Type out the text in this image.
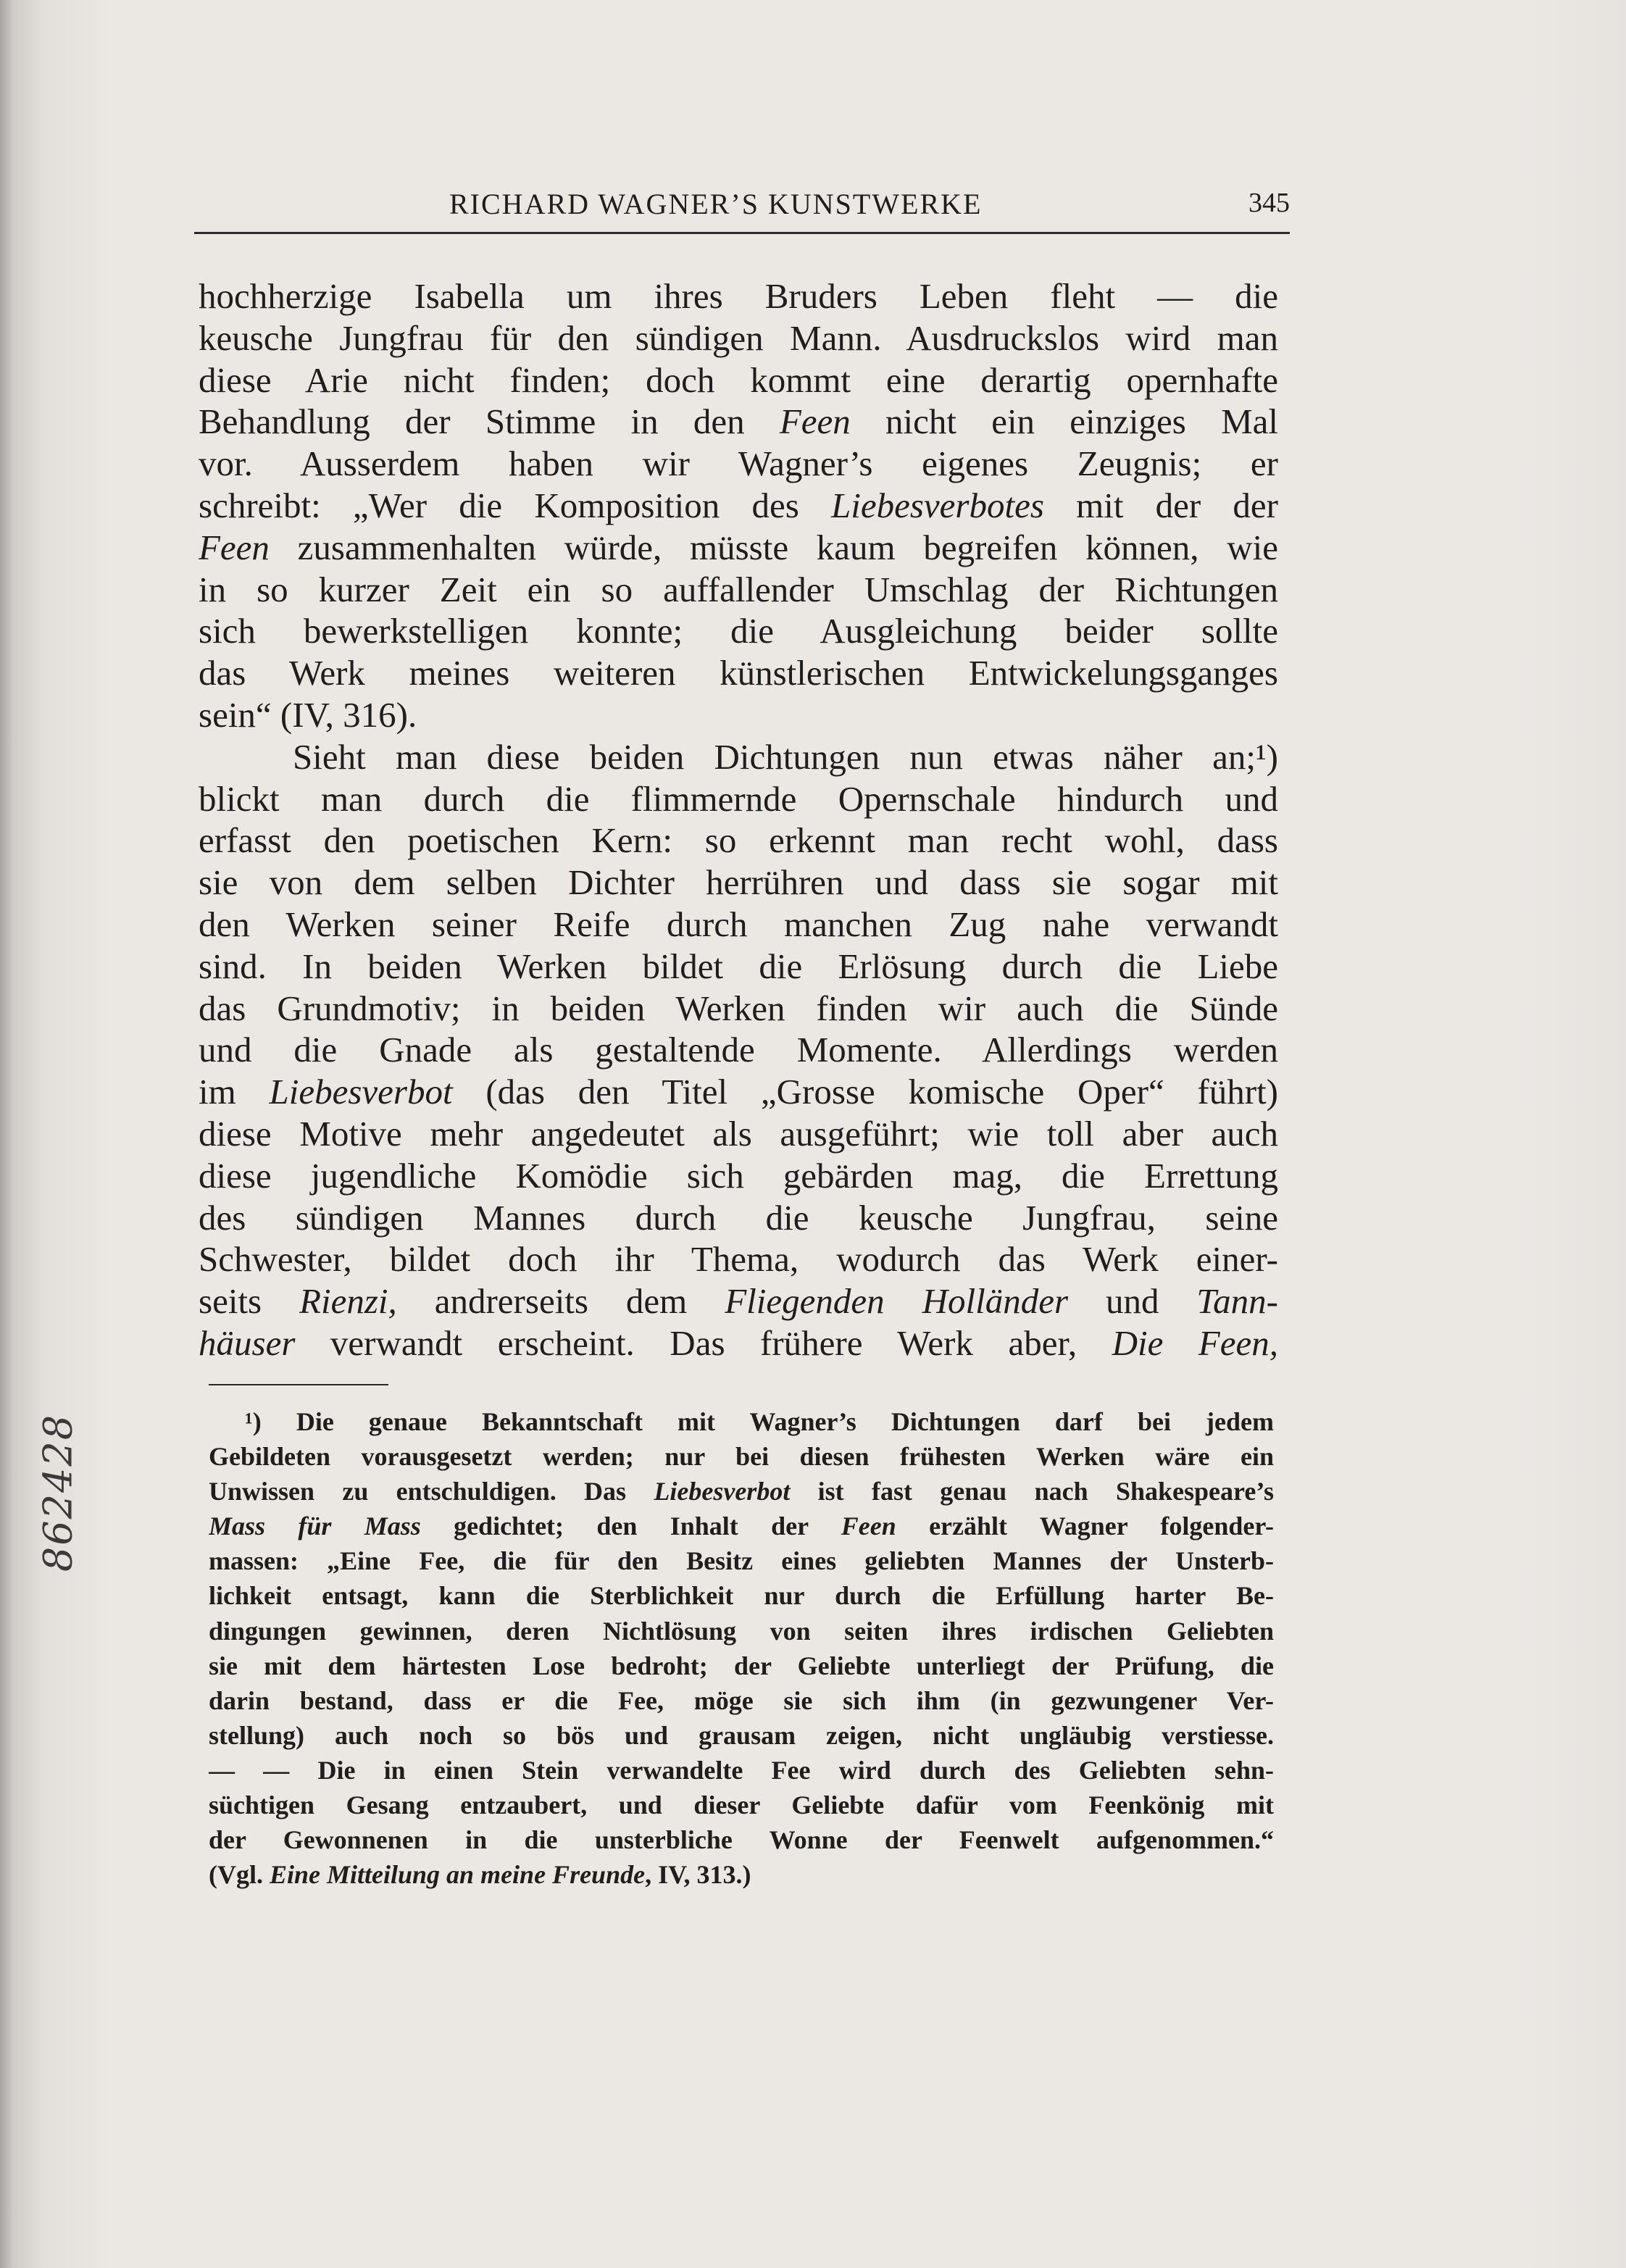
RICHARD WAGNER’S KUNSTWERKE	345
hochherzige Isabella um ihres Bruders Leben fleht — die
keusche Jungfrau für den sündigen Mann. Ausdruckslos wird man
diese Arie nicht finden; doch kommt eine derartig opernhafte
Behandlung der Stimme in den Feen nicht ein einziges Mal
vor. Ausserdem haben wir Wagner’s eigenes Zeugnis; er
schreibt: „Wer die Komposition des Liebesverbotes mit der der
Feen zusammenhalten würde, müsste kaum begreifen können, wie
in so kurzer Zeit ein so auffallender Umschlag der Richtungen
sich bewerkstelligen konnte; die Ausgleichung beider sollte
das Werk meines weiteren künstlerischen Entwickelungsganges
sein“ (IV, 316).
Sieht man diese beiden Dichtungen nun etwas näher an;¹)
blickt man durch die flimmernde Opernschale hindurch und
erfasst den poetischen Kern: so erkennt man recht wohl, dass
sie von dem selben Dichter herrühren und dass sie sogar mit
den Werken seiner Reife durch manchen Zug nahe verwandt
sind. In beiden Werken bildet die Erlösung durch die Liebe
das Grundmotiv; in beiden Werken finden wir auch die Sünde
und die Gnade als gestaltende Momente. Allerdings werden
im Liebesverbot (das den Titel „Grosse komische Oper“ führt)
diese Motive mehr angedeutet als ausgeführt; wie toll aber auch
diese jugendliche Komödie sich gebärden mag, die Errettung
des sündigen Mannes durch die keusche Jungfrau, seine
Schwester, bildet doch ihr Thema, wodurch das Werk einer-
seits Rienzi, andrerseits dem Fliegenden Holländer und Tann-
häuser verwandt erscheint. Das frühere Werk aber, Die Feen,
¹) Die genaue Bekanntschaft mit Wagner’s Dichtungen darf bei jedem
Gebildeten vorausgesetzt werden; nur bei diesen frühesten Werken wäre ein
Unwissen zu entschuldigen. Das Liebesverbot ist fast genau nach Shakespeare’s
Mass für Mass gedichtet; den Inhalt der Feen erzählt Wagner folgender-
massen: „Eine Fee, die für den Besitz eines geliebten Mannes der Unsterb-
lichkeit entsagt, kann die Sterblichkeit nur durch die Erfüllung harter Be-
dingungen gewinnen, deren Nichtlösung von seiten ihres irdischen Geliebten
sie mit dem härtesten Lose bedroht; der Geliebte unterliegt der Prüfung, die
darin bestand, dass er die Fee, möge sie sich ihm (in gezwungener Ver-
stellung) auch noch so bös und grausam zeigen, nicht ungläubig verstiesse.
— — Die in einen Stein verwandelte Fee wird durch des Geliebten sehn-
süchtigen Gesang entzaubert, und dieser Geliebte dafür vom Feenkönig mit
der Gewonnenen in die unsterbliche Wonne der Feenwelt aufgenommen.“
(Vgl. Eine Mitteilung an meine Freunde, IV, 313.)
862428
